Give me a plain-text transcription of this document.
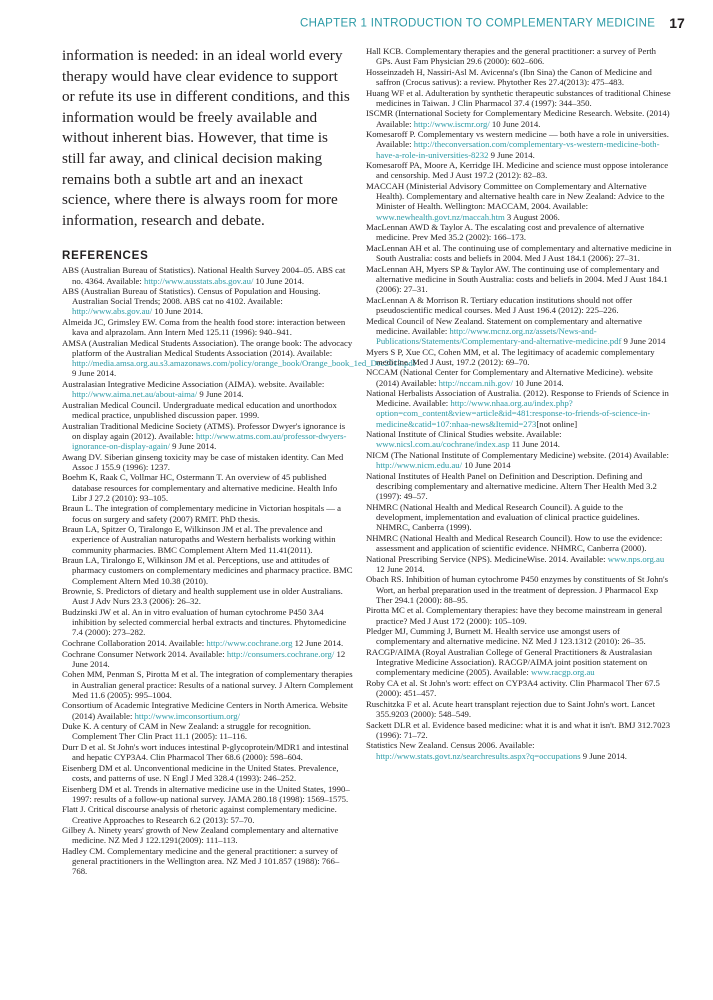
CHAPTER 1 INTRODUCTION TO COMPLEMENTARY MEDICINE 17

information is needed: in an ideal world every therapy would have clear evidence to support or refute its use in different conditions, and this information would be freely available and without inherent bias. However, that time is still far away, and clinical decision making remains both a subtle art and an inexact science, where there is always room for more information, research and debate.

REFERENCES

ABS (Australian Bureau of Statistics). National Health Survey 2004–05. ABS cat no. 4364. Available: http://www.ausstats.abs.gov.au/ 10 June 2014.

ABS (Australian Bureau of Statistics). Census of Population and Housing. Australian Social Trends; 2008. ABS cat no 4102. Available: http://www.abs.gov.au/ 10 June 2014.

Almeida JC, Grimsley EW. Coma from the health food store: interaction between kava and alprazolam. Ann Intern Med 125.11 (1996): 940–941.

AMSA (Australian Medical Students Association). The orange book: The advocacy platform of the Australian Medical Students Association (2014). Available: http://media.amsa.org.au.s3.amazonaws.com/policy/orange_book/Orange_book_1ed_Dec2013.pdf 9 June 2014.

Australasian Integrative Medicine Association (AIMA). website. Available: http://www.aima.net.au/about-aima/ 9 June 2014.

Australian Medical Council. Undergraduate medical education and unorthodox medical practice, unpublished discussion paper. 1999.

Australian Traditional Medicine Society (ATMS). Professor Dwyer's ignorance is on display again (2012). Available: http://www.atms.com.au/professor-dwyers-ignorance-on-display-again/ 9 June 2014.

Awang DV. Siberian ginseng toxicity may be case of mistaken identity. Can Med Assoc J 155.9 (1996): 1237.

Boehm K, Raak C, Vollmar HC, Ostermann T. An overview of 45 published database resources for complementary and alternative medicine. Health Info Libr J 27.2 (2010): 93–105.

Braun L. The integration of complementary medicine in Victorian hospitals — a focus on surgery and safety (2007) RMIT. PhD thesis.

Braun LA, Spitzer O, Tiralongo E, Wilkinson JM et al. The prevalence and experience of Australian naturopaths and Western herbalists working within community pharmacies. BMC Complement Altern Med 11.41(2011).

Braun LA, Tiralongo E, Wilkinson JM et al. Perceptions, use and attitudes of pharmacy customers on complementary medicines and pharmacy practice. BMC Complement Altern Med 10.38 (2010).

Brownie, S. Predictors of dietary and health supplement use in older Australians. Aust J Adv Nurs 23.3 (2006): 26–32.

Budzinski JW et al. An in vitro evaluation of human cytochrome P450 3A4 inhibition by selected commercial herbal extracts and tinctures. Phytomedicine 7.4 (2000): 273–282.

Cochrane Collaboration 2014. Available: http://www.cochrane.org 12 June 2014.

Cochrane Consumer Network 2014. Available: http://consumers.cochrane.org/ 12 June 2014.

Cohen MM, Penman S, Pirotta M et al. The integration of complementary therapies in Australian general practice: Results of a national survey. J Altern Complement Med 11.6 (2005): 995–1004.

Consortium of Academic Integrative Medicine Centers in North America. Website (2014) Available: http://www.imconsortium.org/

Duke K. A century of CAM in New Zealand: a struggle for recognition. Complement Ther Clin Pract 11.1 (2005): 11–116.

Durr D et al. St John's wort induces intestinal P-glycoprotein/MDR1 and intestinal and hepatic CYP3A4. Clin Pharmacol Ther 68.6 (2000): 598–604.

Eisenberg DM et al. Unconventional medicine in the United States. Prevalence, costs, and patterns of use. N Engl J Med 328.4 (1993): 246–252.

Eisenberg DM et al. Trends in alternative medicine use in the United States, 1990–1997: results of a follow-up national survey. JAMA 280.18 (1998): 1569–1575.

Flatt J. Critical discourse analysis of rhetoric against complementary medicine. Creative Approaches to Research 6.2 (2013): 57–70.

Gilbey A. Ninety years' growth of New Zealand complementary and alternative medicine. NZ Med J 122.1291(2009): 111–113.

Hadley CM. Complementary medicine and the general practitioner: a survey of general practitioners in the Wellington area. NZ Med J 101.857 (1988): 766–768.

Hall KCB. Complementary therapies and the general practitioner: a survey of Perth GPs. Aust Fam Physician 29.6 (2000): 602–606.

Hosseinzadeh H, Nassiri-Asl M. Avicenna's (Ibn Sina) the Canon of Medicine and saffron (Crocus sativus): a review. Phytother Res 27.4(2013): 475–483.

Huang WF et al. Adulteration by synthetic therapeutic substances of traditional Chinese medicines in Taiwan. J Clin Pharmacol 37.4 (1997): 344–350.

ISCMR (International Society for Complementary Medicine Research. Website. (2014) Available: http://www.iscmr.org/ 10 June 2014.

Komesaroff P. Complementary vs western medicine — both have a role in universities. Available: http://theconversation.com/complementary-vs-western-medicine-both-have-a-role-in-universities-8232 9 June 2014.

Komesaroff PA, Moore A, Kerridge IH. Medicine and science must oppose intolerance and censorship. Med J Aust 197.2 (2012): 82–83.

MACCAH (Ministerial Advisory Committee on Complementary and Alternative Health). Complementary and alternative health care in New Zealand: Advice to the Minister of Health. Wellington: MACCAM, 2004. Available: www.newhealth.govt.nz/maccah.htm 3 August 2006.

MacLennan AWD & Taylor A. The escalating cost and prevalence of alternative medicine. Prev Med 35.2 (2002): 166–173.

MacLennan AH et al. The continuing use of complementary and alternative medicine in South Australia: costs and beliefs in 2004. Med J Aust 184.1 (2006): 27–31.

MacLennan AH, Myers SP & Taylor AW. The continuing use of complementary and alternative medicine in South Australia: costs and beliefs in 2004. Med J Aust 184.1 (2006): 27–31.

MacLennan A & Morrison R. Tertiary education institutions should not offer pseudoscientific medical courses. Med J Aust 196.4 (2012): 225–226.

Medical Council of New Zealand. Statement on complementary and alternative medicine. Available: http://www.mcnz.org.nz/assets/News-and-Publications/Statements/Complementary-and-alternative-medicine.pdf 9 June 2014

Myers S P, Xue CC, Cohen MM, et al. The legitimacy of academic complementary medicine. Med J Aust, 197.2 (2012): 69–70.

NCCAM (National Center for Complementary and Alternative Medicine). website (2014) Available: http://nccam.nih.gov/ 10 June 2014.

National Herbalists Association of Australia. (2012). Response to Friends of Science in Medicine. Available: http://www.nhaa.org.au/index.php?option=com_content&view=article&id=481:response-to-friends-of-science-in-medicine&catid=107:nhaa-news&Itemid=273[not online]

National Institute of Clinical Studies website. Available: www.nicsl.com.au/cochrane/index.asp 11 June 2014.

NICM (The National Institute of Complementary Medicine) website. (2014) Available: http://www.nicm.edu.au/ 10 June 2014

National Institutes of Health Panel on Definition and Description. Defining and describing complementary and alternative medicine. Altern Ther Health Med 3.2 (1997): 49–57.

NHMRC (National Health and Medical Research Council). A guide to the development, implementation and evaluation of clinical practice guidelines. NHMRC, Canberra (1999).

NHMRC (National Health and Medical Research Council). How to use the evidence: assessment and application of scientific evidence. NHMRC, Canberra (2000).

National Prescribing Service (NPS). MedicineWise. 2014. Available: www.nps.org.au 12 June 2014.

Obach RS. Inhibition of human cytochrome P450 enzymes by constituents of St John's Wort, an herbal preparation used in the treatment of depression. J Pharmacol Exp Ther 294.1 (2000): 88–95.

Pirotta MC et al. Complementary therapies: have they become mainstream in general practice? Med J Aust 172 (2000): 105–109.

Pledger MJ, Cumming J, Burnett M. Health service use amongst users of complementary and alternative medicine. NZ Med J 123.1312 (2010): 26–35.

RACGP/AIMA (Royal Australian College of General Practitioners & Australasian Integrative Medicine Association). RACGP/AIMA joint position statement on complementary medicine (2005). Available: www.racgp.org.au

Roby CA et al. St John's wort: effect on CYP3A4 activity. Clin Pharmacol Ther 67.5 (2000): 451–457.

Ruschitzka F et al. Acute heart transplant rejection due to Saint John's wort. Lancet 355.9203 (2000): 548–549.

Sackett DLR et al. Evidence based medicine: what it is and what it isn't. BMJ 312.7023 (1996): 71–72.

Statistics New Zealand. Census 2006. Available: http://www.stats.govt.nz/searchresults.aspx?q=occupations 9 June 2014.
